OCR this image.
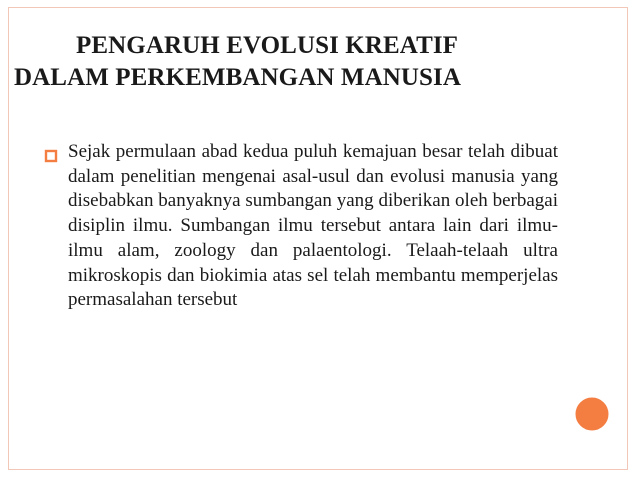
PENGARUH EVOLUSI KREATIF
DALAM PERKEMBANGAN MANUSIA

Sejak permulaan abad kedua puluh kemajuan besar telah dibuat dalam penelitian mengenai asal-usul dan evolusi manusia yang disebabkan banyaknya sumbangan yang diberikan oleh berbagai disiplin ilmu. Sumbangan ilmu tersebut antara lain dari ilmu-ilmu alam, zoology dan palaentologi. Telaah-telaah ultra mikroskopis dan biokimia atas sel telah membantu memperjelas permasalahan tersebut
